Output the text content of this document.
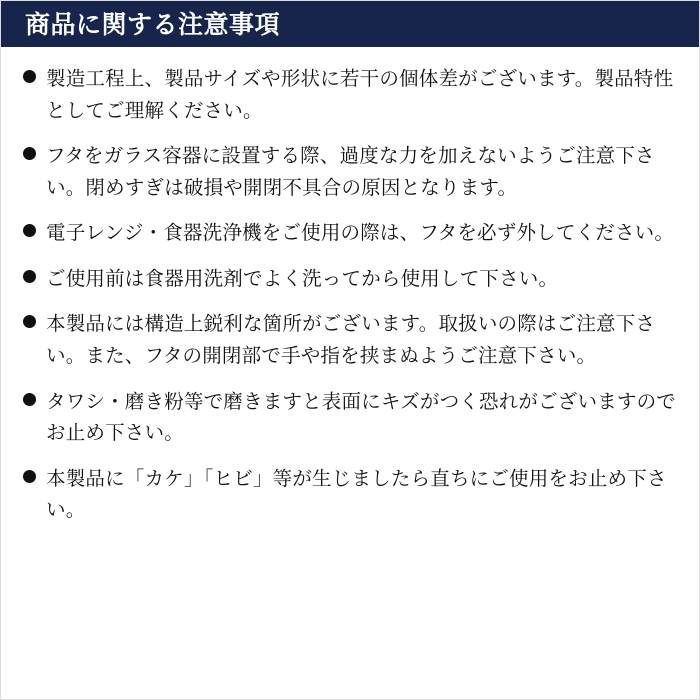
商品に関する注意事項
製造工程上、製品サイズや形状に若干の個体差がございます。製品特性としてご理解ください。
フタをガラス容器に設置する際、過度な力を加えないようご注意下さい。閉めすぎは破損や開閉不具合の原因となります。
電子レンジ・食器洗浄機をご使用の際は、フタを必ず外してください。
ご使用前は食器用洗剤でよく洗ってから使用して下さい。
本製品には構造上鋭利な箇所がございます。取扱いの際はご注意下さい。また、フタの開閉部で手や指を挟まぬようご注意下さい。
タワシ・磨き粉等で磨きますと表面にキズがつく恐れがございますのでお止め下さい。
本製品に「カケ」「ヒビ」等が生じましたら直ちにご使用をお止め下さい。
